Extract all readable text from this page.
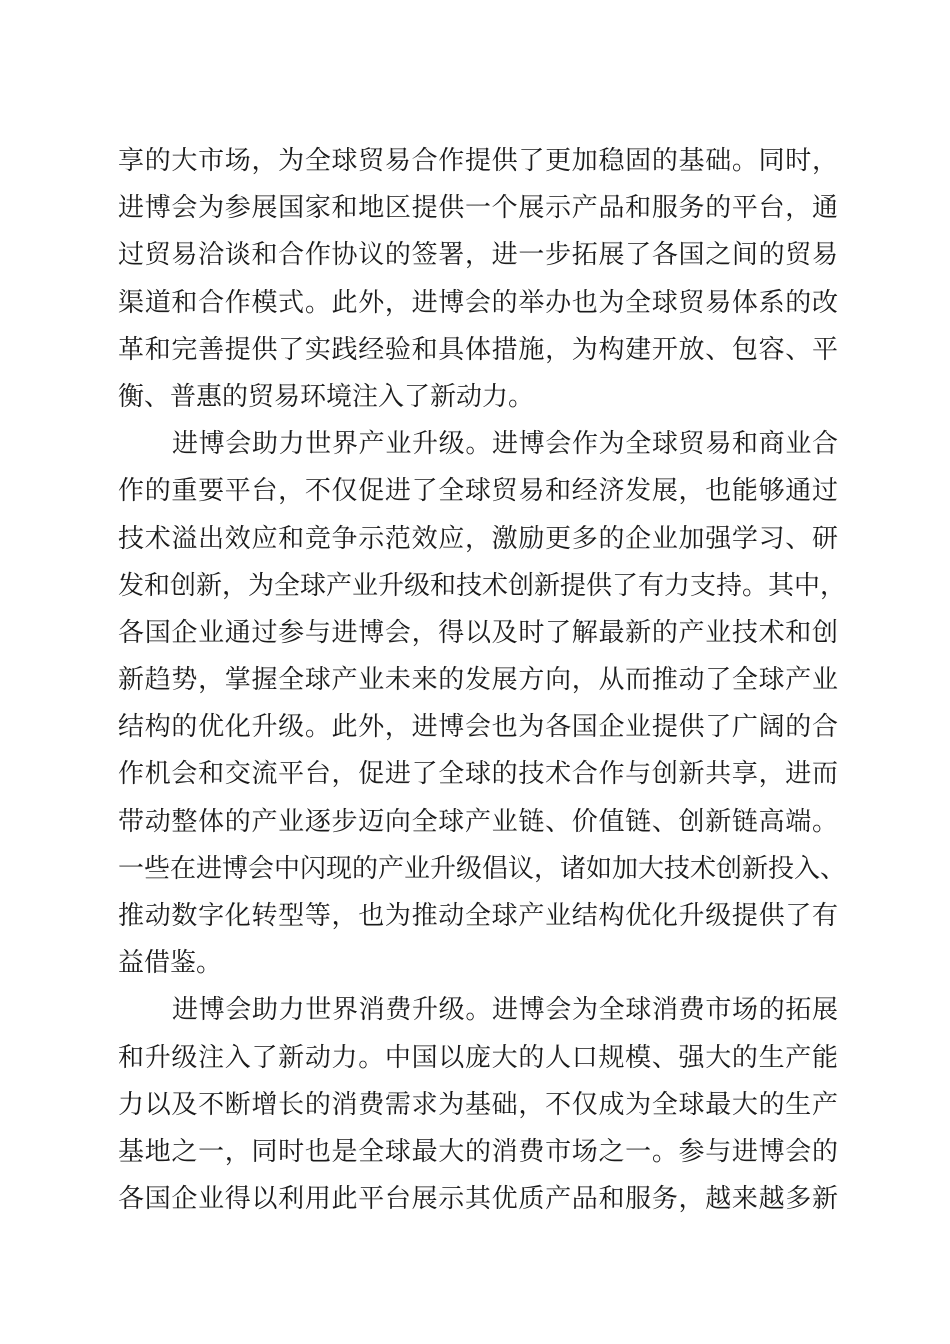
享的大市场，为全球贸易合作提供了更加稳固的基础。同时，
进博会为参展国家和地区提供一个展示产品和服务的平台，通
过贸易洽谈和合作协议的签署，进一步拓展了各国之间的贸易
渠道和合作模式。此外，进博会的举办也为全球贸易体系的改
革和完善提供了实践经验和具体措施，为构建开放、包容、平
衡、普惠的贸易环境注入了新动力。
进博会助力世界产业升级。进博会作为全球贸易和商业合
作的重要平台，不仅促进了全球贸易和经济发展，也能够通过
技术溢出效应和竞争示范效应，激励更多的企业加强学习、研
发和创新，为全球产业升级和技术创新提供了有力支持。其中，
各国企业通过参与进博会，得以及时了解最新的产业技术和创
新趋势，掌握全球产业未来的发展方向，从而推动了全球产业
结构的优化升级。此外，进博会也为各国企业提供了广阔的合
作机会和交流平台，促进了全球的技术合作与创新共享，进而
带动整体的产业逐步迈向全球产业链、价值链、创新链高端。
一些在进博会中闪现的产业升级倡议，诸如加大技术创新投入、
推动数字化转型等，也为推动全球产业结构优化升级提供了有
益借鉴。
进博会助力世界消费升级。进博会为全球消费市场的拓展
和升级注入了新动力。中国以庞大的人口规模、强大的生产能
力以及不断增长的消费需求为基础，不仅成为全球最大的生产
基地之一，同时也是全球最大的消费市场之一。参与进博会的
各国企业得以利用此平台展示其优质产品和服务，越来越多新
